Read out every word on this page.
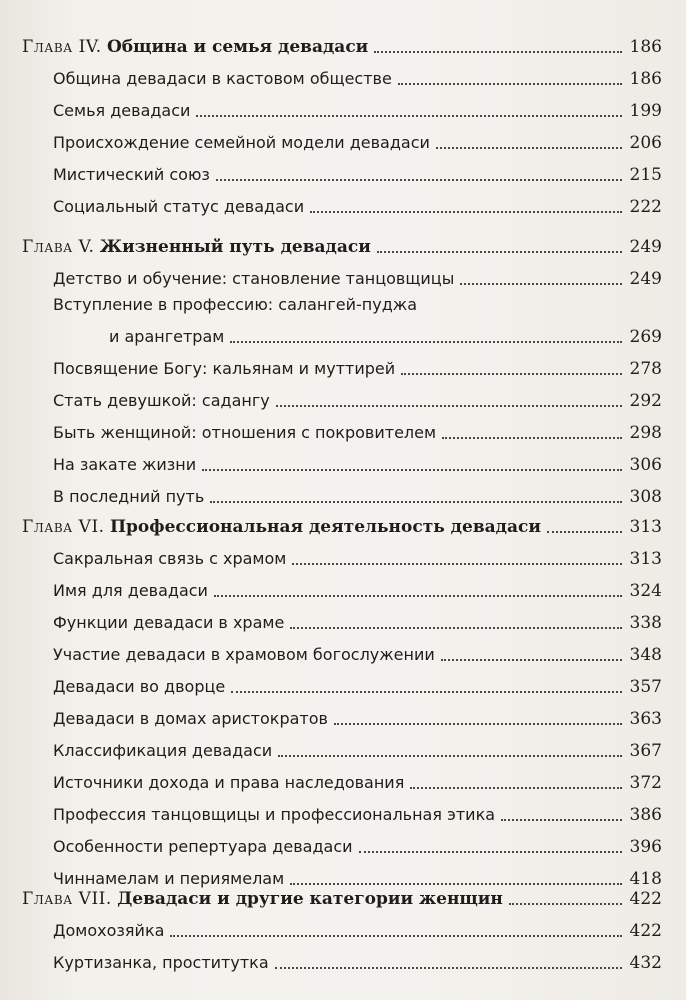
Глава IV. Община и семья девадаси	186
Община девадаси в кастовом обществе	186
Семья девадаси	199
Происхождение семейной модели девадаси	206
Мистический союз	215
Социальный статус девадаси	222
Глава V. Жизненный путь девадаси	249
Детство и обучение: становление танцовщицы	249
Вступление в профессию: салангей-пуджа
и арангетрам	269
Посвящение Богу: кальянам и муттирей	278
Стать девушкой: садангу	292
Быть женщиной: отношения с покровителем	298
На закате жизни	306
В последний путь	308
Глава VI. Профессиональная деятельность девадаси	313
Сакральная связь с храмом	313
Имя для девадаси	324
Функции девадаси в храме	338
Участие девадаси в храмовом богослужении	348
Девадаси во дворце	357
Девадаси в домах аристократов	363
Классификация девадаси	367
Источники дохода и права наследования	372
Профессия танцовщицы и профессиональная этика	386
Особенности репертуара девадаси	396
Чиннамелам и периямелам	418
Глава VII. Девадаси и другие категории женщин	422
Домохозяйка	422
Куртизанка, проститутка	432
